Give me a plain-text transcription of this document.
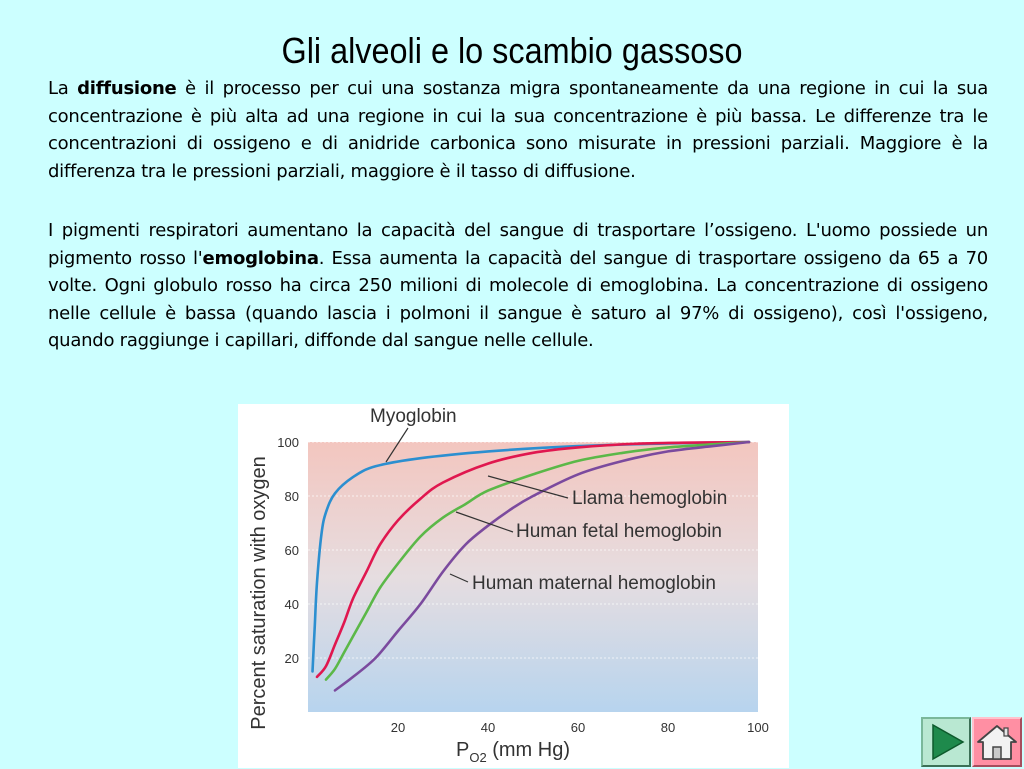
Gli alveoli e lo scambio gassoso
La diffusione è il processo per cui una sostanza migra spontaneamente da una regione in cui la sua concentrazione è più alta ad una regione in cui la sua concentrazione è più bassa. Le differenze tra le concentrazioni di ossigeno e di anidride carbonica sono misurate in pressioni parziali. Maggiore è la differenza tra le pressioni parziali, maggiore è il tasso di diffusione.
I pigmenti respiratori aumentano la capacità del sangue di trasportare l’ossigeno. L'uomo possiede un pigmento rosso l'emoglobina. Essa aumenta la capacità del sangue di trasportare ossigeno da 65 a 70 volte. Ogni globulo rosso ha circa 250 milioni di molecole di emoglobina. La concentrazione di ossigeno nelle cellule è bassa (quando lascia i polmoni il sangue è saturo al 97% di ossigeno), così l'ossigeno, quando raggiunge i capillari, diffonde dal sangue nelle cellule.
20
40
60
80
100
20	40	60	80	100
Percent saturation with oxygen
$P_{O2}$ (mm Hg)
Myoglobin
Llama hemoglobin
Human fetal hemoglobin
Human maternal hemoglobin
